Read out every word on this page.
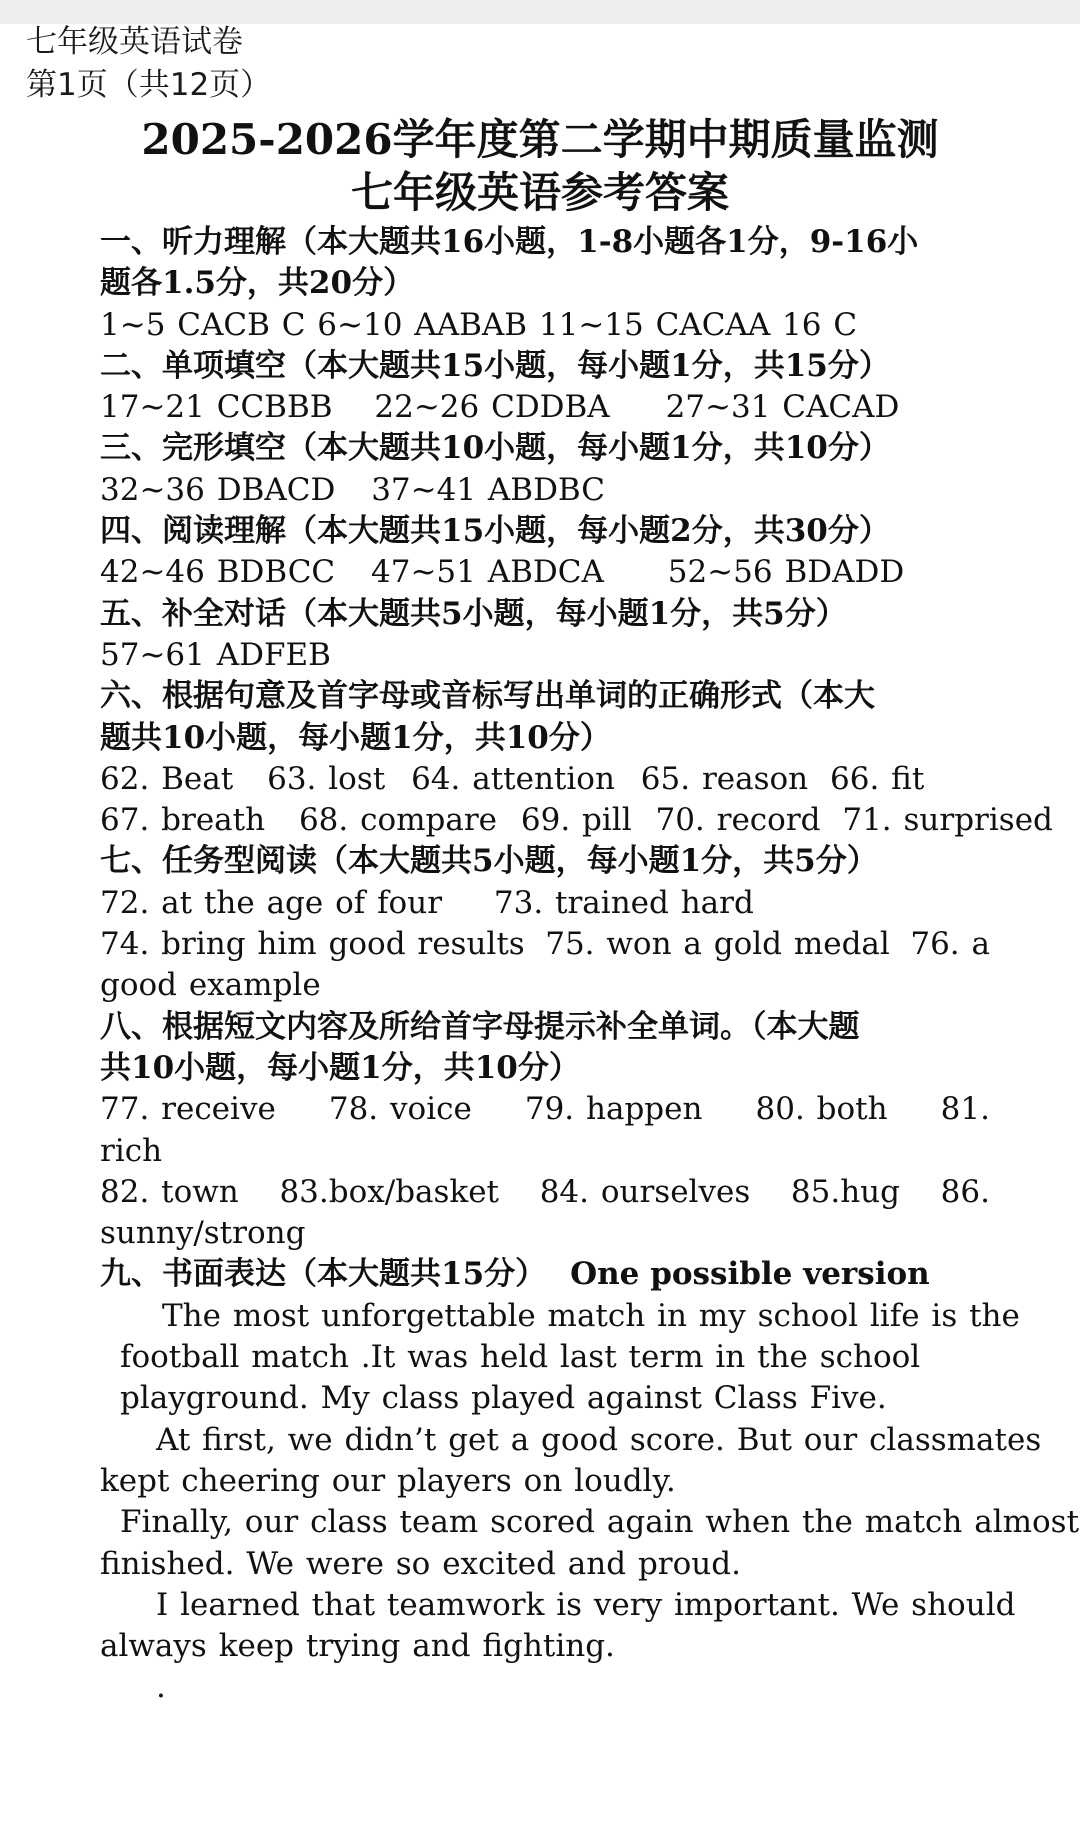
七年级英语试卷
第1页（共12页）
2025-2026学年度第二学期中期质量监测
七年级英语参考答案
一、听力理解（本大题共16小题，1-8小题各1分，9-16小
题各1.5分，共20分）
1~5 CACB C 6~10 AABAB 11~15 CACAA 16 C
二、单项填空（本大题共15小题，每小题1分，共15分）
17~21 CCBBB 22~26 CDDBA 27~31 CACAD
三、完形填空（本大题共10小题，每小题1分，共10分）
32~36 DBACD 37~41 ABDBC
四、阅读理解（本大题共15小题，每小题2分，共30分）
42~46 BDBCC 47~51 ABDCA 52~56 BDADD
五、补全对话（本大题共5小题，每小题1分，共5分）
57~61 ADFEB
六、根据句意及首字母或音标写出单词的正确形式（本大
题共10小题，每小题1分，共10分）
62. Beat 63. lost 64. attention 65. reason 66. fit
67. breath 68. compare 69. pill 70. record 71. surprised
七、任务型阅读（本大题共5小题，每小题1分，共5分）
72. at the age of four 73. trained hard
74. bring him good results 75. won a gold medal 76. a
good example
八、根据短文内容及所给首字母提示补全单词。（本大题
共10小题，每小题1分，共10分）
77. receive 78. voice 79. happen 80. both 81.
rich
82. town 83.box/basket 84. ourselves 85.hug 86.
sunny/strong
九、书面表达（本大题共15分） One possible version
The most unforgettable match in my school life is the
football match .It was held last term in the school
playground. My class played against Class Five.
At first, we didn’t get a good score. But our classmates
kept cheering our players on loudly.
Finally, our class team scored again when the match almost
finished. We were so excited and proud.
I learned that teamwork is very important. We should
always keep trying and fighting.
.
